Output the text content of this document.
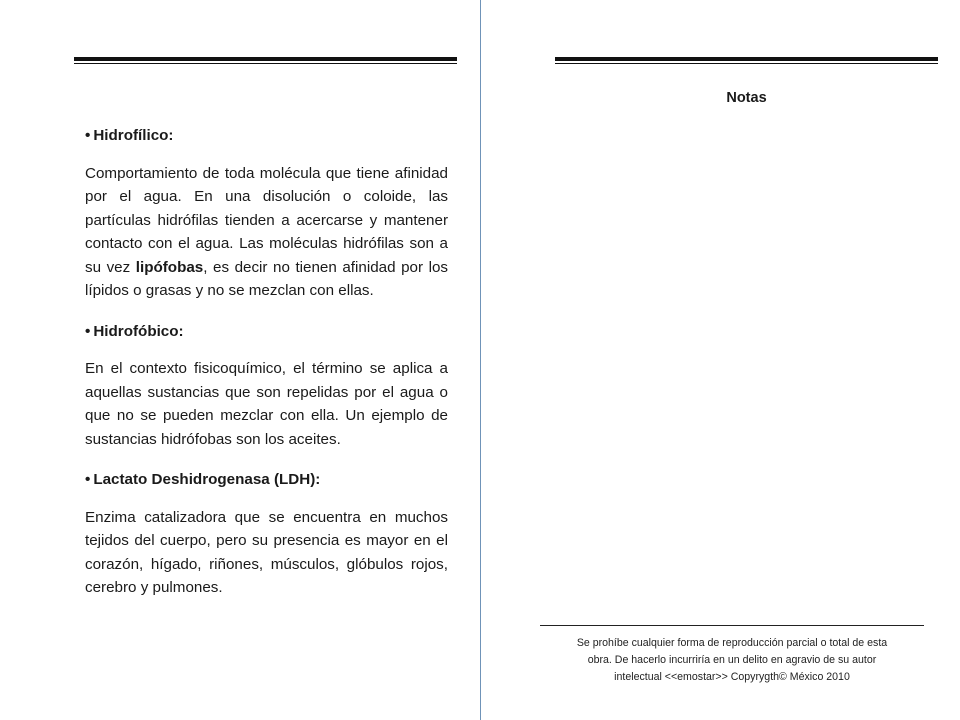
• Hidrofílico:

Comportamiento de toda molécula que tiene afinidad por el agua. En una disolución o coloide, las partículas hidrófilas tienden a acercarse y mantener contacto con el agua. Las moléculas hidrófilas son a su vez lipófobas, es decir no tienen afinidad por los lípidos o grasas y no se mezclan con ellas.

• Hidrofóbico:

En el contexto fisicoquímico, el término se aplica a aquellas sustancias que son repelidas por el agua o que no se pueden mezclar con ella. Un ejemplo de sustancias hidrófobas son los aceites.

• Lactato Deshidrogenasa (LDH):

Enzima catalizadora que se encuentra en muchos tejidos del cuerpo, pero su presencia es mayor en el corazón, hígado, riñones, músculos, glóbulos rojos, cerebro y pulmones.

Notas
Se prohíbe cualquier forma de reproducción parcial o total de esta
obra. De hacerlo incurriría en un delito en agravio de su autor
intelectual <<emostar>> Copyrygth© México 2010
